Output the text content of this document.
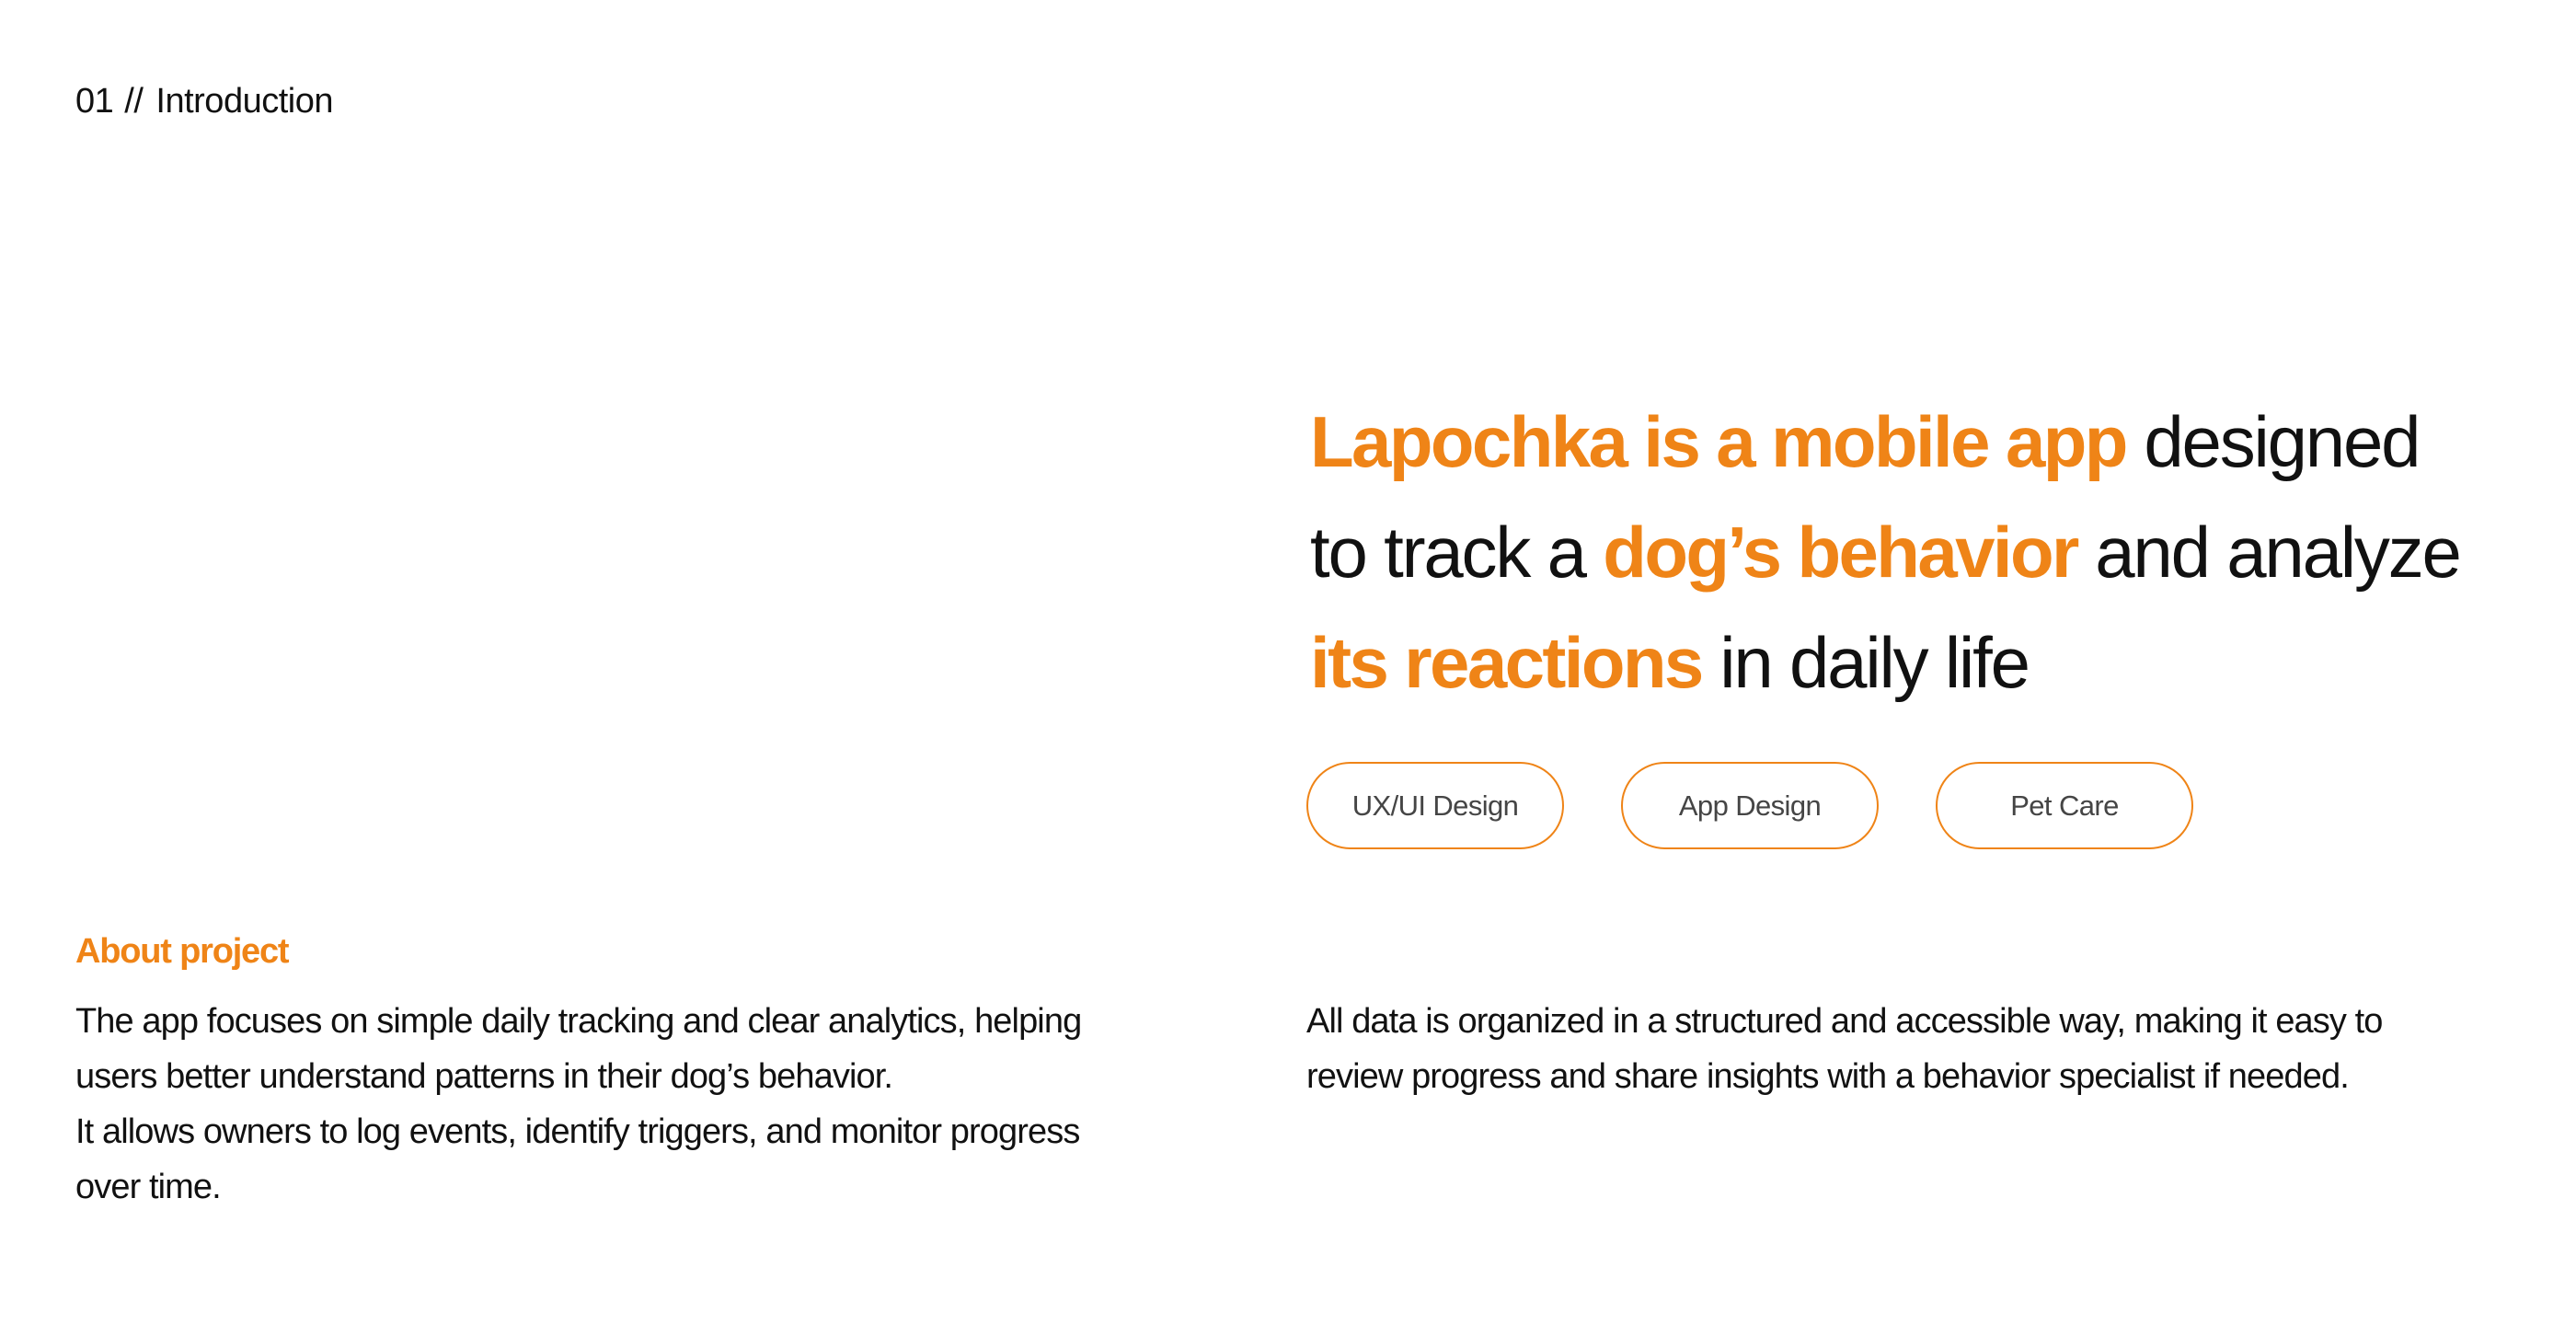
01 // Introduction
Lapochka is a mobile app designed
to track a dog’s behavior and analyze
its reactions in daily life
UX/UI Design	App Design	Pet Care
About project
The app focuses on simple daily tracking and clear analytics, helping
users better understand patterns in their dog’s behavior.
It allows owners to log events, identify triggers, and monitor progress
over time.
All data is organized in a structured and accessible way, making it easy to
review progress and share insights with a behavior specialist if needed.
